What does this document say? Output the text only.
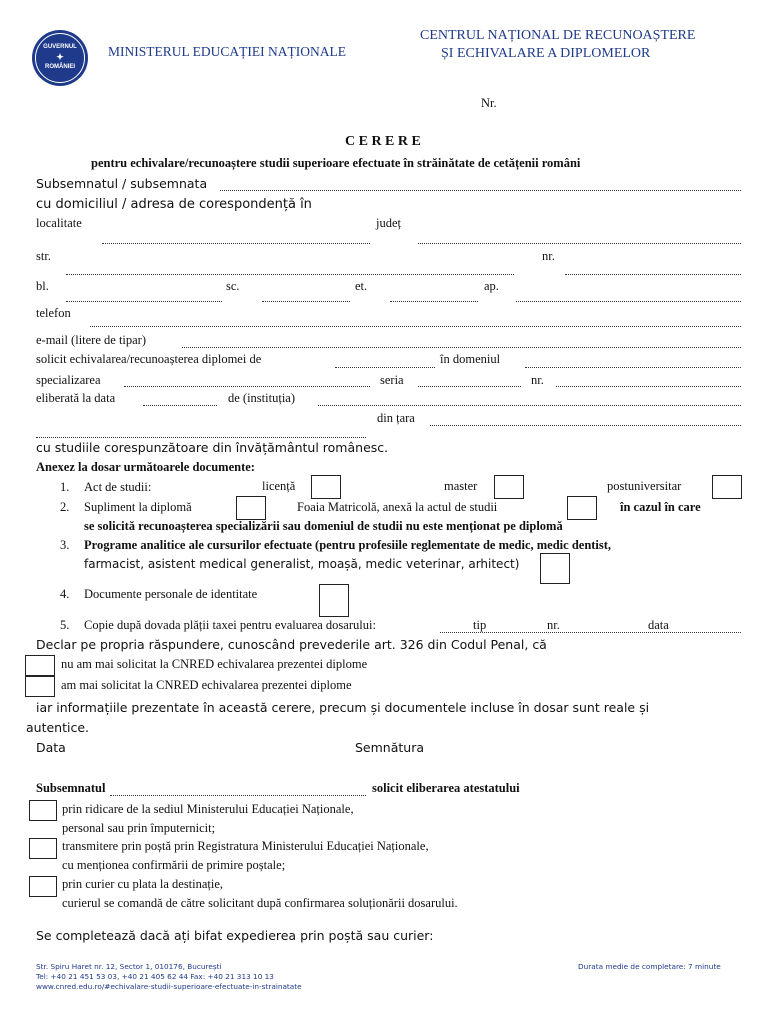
GUVERNUL
✦
ROMÂNIEI
MINISTERUL EDUCAȚIEI NAȚIONALE
CENTRUL NAȚIONAL DE RECUNOAȘTERE
ȘI ECHIVALARE A DIPLOMELOR
Nr.
C E R E R E
pentru echivalare/recunoaștere studii superioare efectuate în străinătate de cetățenii români
Subsemnatul / subsemnata
cu domiciliul / adresa de corespondență în
localitate	județ
str.	nr.
bl.	sc.	et.	ap.
telefon
e-mail (litere de tipar)
solicit echivalarea/recunoașterea diplomei de	în domeniul
specializarea	seria	nr.
eliberată la data	de (instituția)
din țara
cu studiile corespunzătoare din învățământul românesc.
Anexez la dosar următoarele documente:
1. Act de studii:	licență	master	postuniversitar
2. Supliment la diplomă	Foaia Matricolă, anexă la actul de studii	în cazul în care
se solicită recunoașterea specializării sau domeniul de studii nu este menționat pe diplomă
3. Programe analitice ale cursurilor efectuate (pentru profesiile reglementate de medic, medic dentist,
farmacist, asistent medical generalist, moașă, medic veterinar, arhitect)
4. Documente personale de identitate
5. Copie după dovada plății taxei pentru evaluarea dosarului:	tip	nr.	data
Declar pe propria răspundere, cunoscând prevederile art. 326 din Codul Penal, că
nu am mai solicitat la CNRED echivalarea prezentei diplome
am mai solicitat la CNRED echivalarea prezentei diplome
iar informațiile prezentate în această cerere, precum și documentele incluse în dosar sunt reale și
autentice.
Data	Semnătura
Subsemnatul	solicit eliberarea atestatului
prin ridicare de la sediul Ministerului Educației Naționale,
personal sau prin împuternicit;
transmitere prin poștă prin Registratura Ministerului Educației Naționale,
cu menționea confirmării de primire poștale;
prin curier cu plata la destinație,
curierul se comandă de către solicitant după confirmarea soluționării dosarului.
Se completează dacă ați bifat expedierea prin poștă sau curier:
Str. Spiru Haret nr. 12, Sector 1, 010176, București
Tel: +40 21 451 53 03, +40 21 405 62 44 Fax: +40 21 313 10 13
www.cnred.edu.ro/#echivalare-studii-superioare-efectuate-in-strainatate
Durata medie de completare: 7 minute
